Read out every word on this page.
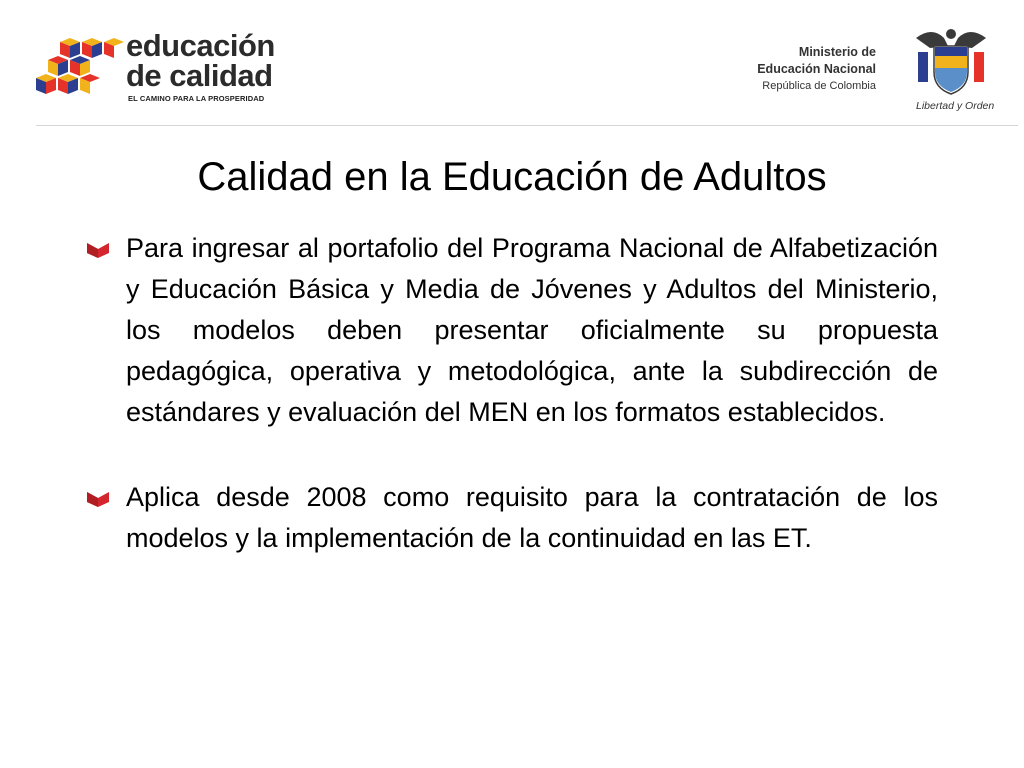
educación
de calidad
EL CAMINO PARA LA PROSPERIDAD
Ministerio de
Educación Nacional
República de Colombia
Libertad y Orden
Calidad en la Educación de Adultos
Para ingresar al portafolio del Programa Nacional de Alfabetización y Educación Básica y Media de Jóvenes y Adultos del Ministerio, los modelos deben presentar oficialmente su propuesta pedagógica, operativa y metodológica, ante la subdirección de estándares y evaluación del MEN en los formatos establecidos.
Aplica desde 2008 como requisito para la contratación de los modelos y la implementación de la continuidad en las ET.
